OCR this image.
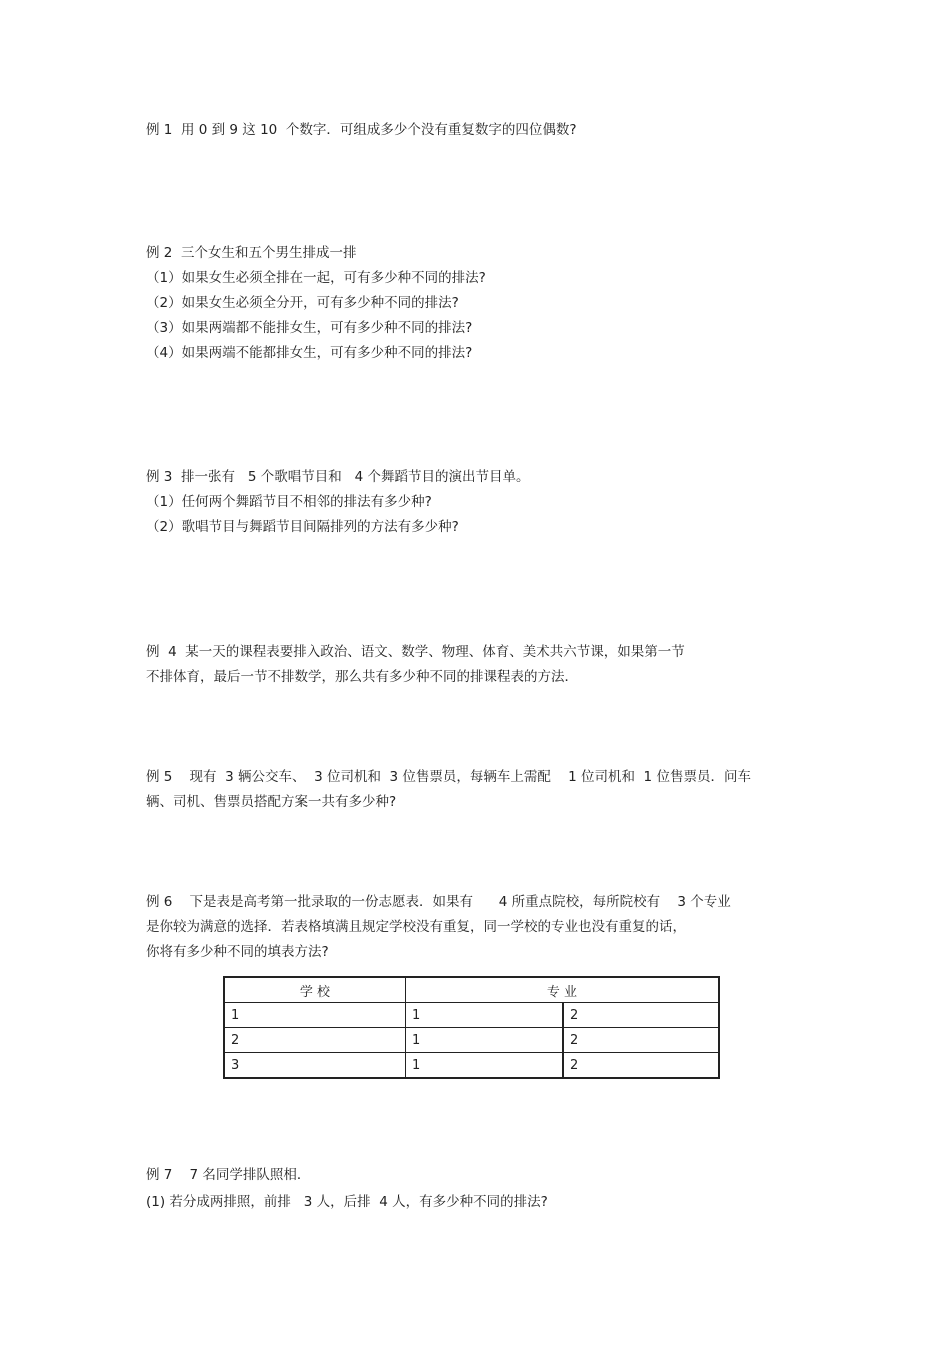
例 1  用 0 到 9 这 10  个数字．可组成多少个没有重复数字的四位偶数?
例 2  三个女生和五个男生排成一排
（1）如果女生必须全排在一起，可有多少种不同的排法?
（2）如果女生必须全分开，可有多少种不同的排法?
（3）如果两端都不能排女生，可有多少种不同的排法?
（4）如果两端不能都排女生，可有多少种不同的排法?
例 3  排一张有   5 个歌唱节目和   4 个舞蹈节目的演出节目单。
（1）任何两个舞蹈节目不相邻的排法有多少种?
（2）歌唱节目与舞蹈节目间隔排列的方法有多少种?
例  4  某一天的课程表要排入政治、语文、数学、物理、体育、美术共六节课，如果第一节
不排体育，最后一节不排数学，那么共有多少种不同的排课程表的方法．
例 5    现有  3 辆公交车、  3 位司机和  3 位售票员，每辆车上需配    1 位司机和  1 位售票员．问车
辆、司机、售票员搭配方案一共有多少种?
例 6    下是表是高考第一批录取的一份志愿表．如果有      4 所重点院校，每所院校有    3 个专业
是你较为满意的选择．若表格填满且规定学校没有重复，同一学校的专业也没有重复的话，
你将有多少种不同的填表方法?
学 校	专 业	
1	1	2
2	1	2
3	1	2
例 7    7 名同学排队照相．
(1) 若分成两排照，前排   3 人，后排  4 人，有多少种不同的排法?
